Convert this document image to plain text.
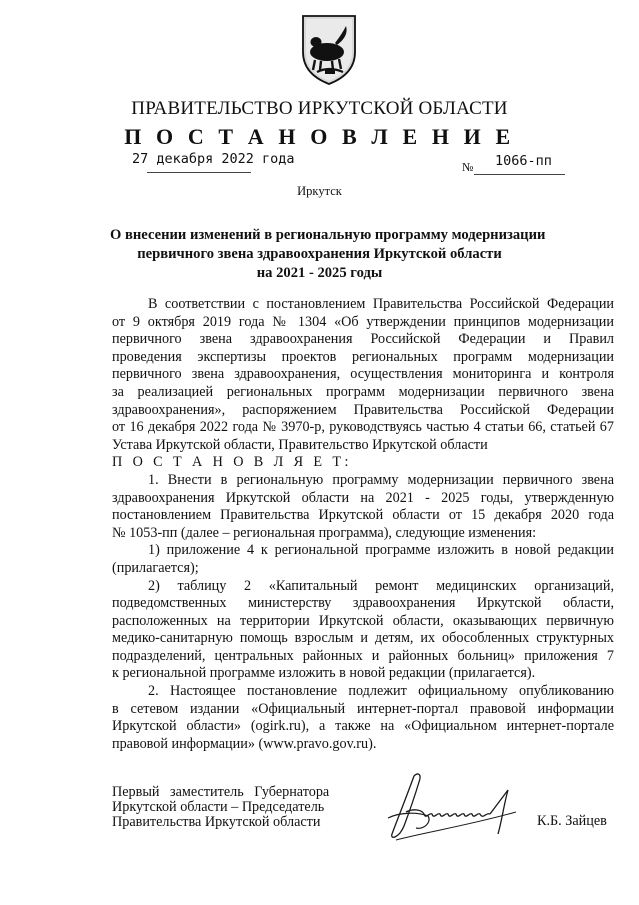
ПРАВИТЕЛЬСТВО ИРКУТСКОЙ ОБЛАСТИ
П О С Т А Н О В Л Е Н И Е
27 декабря 2022 года	№ 1066-пп
Иркутск
О внесении изменений в региональную программу модернизации
первичного звена здравоохранения Иркутской области
на 2021 - 2025 годы
В соответствии с постановлением Правительства Российской Федерации
от 9 октября 2019 года № 1304 «Об утверждении принципов модернизации
первичного звена здравоохранения Российской Федерации и Правил
проведения экспертизы проектов региональных программ модернизации
первичного звена здравоохранения, осуществления мониторинга и контроля
за реализацией региональных программ модернизации первичного звена
здравоохранения», распоряжением Правительства Российской Федерации
от 16 декабря 2022 года № 3970-р, руководствуясь частью 4 статьи 66, статьей 67
Устава Иркутской области, Правительство Иркутской области
П О С Т А Н О В Л Я Е Т:
1. Внести в региональную программу модернизации первичного звена
здравоохранения Иркутской области на 2021 - 2025 годы, утвержденную
постановлением Правительства Иркутской области от 15 декабря 2020 года
№ 1053-пп (далее – региональная программа), следующие изменения:
1) приложение 4 к региональной программе изложить в новой редакции
(прилагается);
2) таблицу 2 «Капитальный ремонт медицинских организаций,
подведомственных министерству здравоохранения Иркутской области,
расположенных на территории Иркутской области, оказывающих первичную
медико-санитарную помощь взрослым и детям, их обособленных структурных
подразделений, центральных районных и районных больниц» приложения 7
к региональной программе изложить в новой редакции (прилагается).
2. Настоящее постановление подлежит официальному опубликованию
в сетевом издании «Официальный интернет-портал правовой информации
Иркутской области» (ogirk.ru), а также на «Официальном интернет-портале
правовой информации» (www.pravo.gov.ru).
Первый заместитель Губернатора
Иркутской области – Председатель
Правительства Иркутской области	К.Б. Зайцев
